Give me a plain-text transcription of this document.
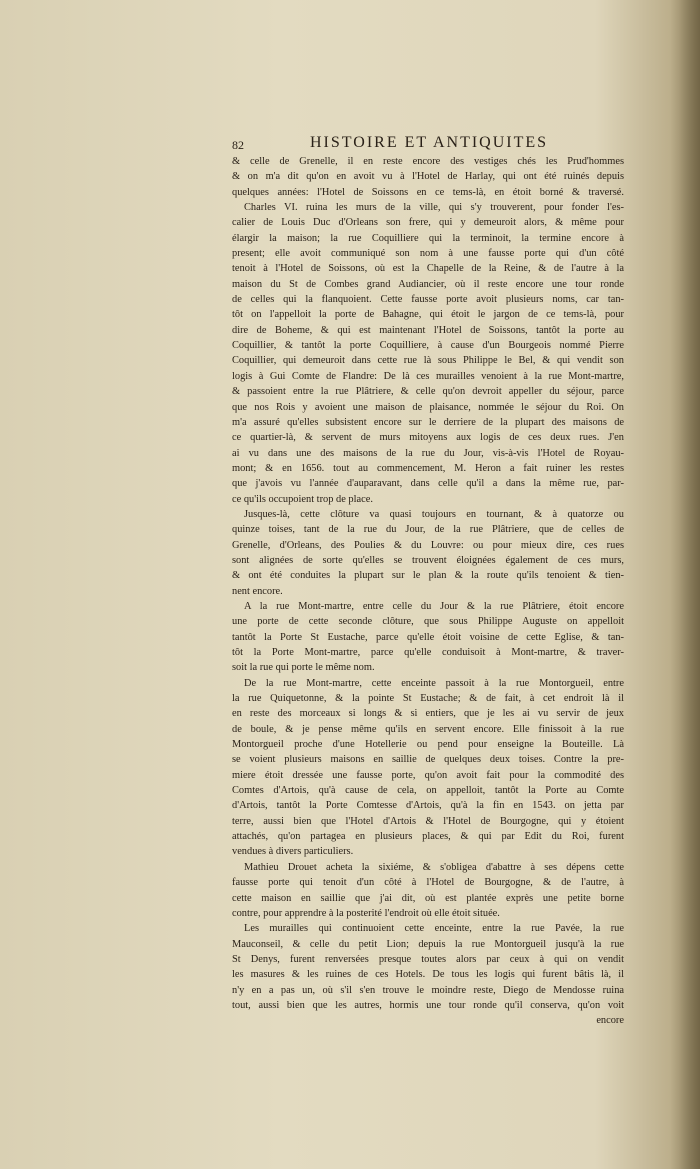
82	HISTOIRE ET ANTIQUITES
& celle de Grenelle, il en reste encore des vestiges chés les Prud'hommes
& on m'a dit qu'on en avoit vu à l'Hotel de Harlay, qui ont été ruinés depuis
quelques années: l'Hotel de Soissons en ce tems-là, en étoit borné & traversé.
Charles VI. ruina les murs de la ville, qui s'y trouverent, pour fonder l'es-
calier de Louis Duc d'Orleans son frere, qui y demeuroit alors, & même pour
élargir la maison; la rue Coquilliere qui la terminoit, la termine encore à
present; elle avoit communiqué son nom à une fausse porte qui d'un côté
tenoit à l'Hotel de Soissons, où est la Chapelle de la Reine, & de l'autre à la
maison du St de Combes grand Audiancier, où il reste encore une tour ronde
de celles qui la flanquoient. Cette fausse porte avoit plusieurs noms, car tan-
tôt on l'appelloit la porte de Bahagne, qui étoit le jargon de ce tems-là, pour
dire de Boheme, & qui est maintenant l'Hotel de Soissons, tantôt la porte au
Coquillier, & tantôt la porte Coquilliere, à cause d'un Bourgeois nommé Pierre
Coquillier, qui demeuroit dans cette rue là sous Philippe le Bel, & qui vendit son
logis à Gui Comte de Flandre: De là ces murailles venoient à la rue Mont-martre,
& passoient entre la rue Plâtriere, & celle qu'on devroit appeller du séjour, parce
que nos Rois y avoient une maison de plaisance, nommée le séjour du Roi. On
m'a assuré qu'elles subsistent encore sur le derriere de la plupart des maisons de
ce quartier-là, & servent de murs mitoyens aux logis de ces deux rues. J'en
ai vu dans une des maisons de la rue du Jour, vis-à-vis l'Hotel de Royau-
mont; & en 1656. tout au commencement, M. Heron a fait ruiner les restes
que j'avois vu l'année d'auparavant, dans celle qu'il a dans la même rue, par-
ce qu'ils occupoient trop de place.
Jusques-là, cette clôture va quasi toujours en tournant, & à quatorze ou
quinze toises, tant de la rue du Jour, de la rue Plâtriere, que de celles de
Grenelle, d'Orleans, des Poulies & du Louvre: ou pour mieux dire, ces rues
sont alignées de sorte qu'elles se trouvent éloignées également de ces murs,
& ont été conduites la plupart sur le plan & la route qu'ils tenoient & tien-
nent encore.
A la rue Mont-martre, entre celle du Jour & la rue Plâtriere, étoit encore
une porte de cette seconde clôture, que sous Philippe Auguste on appelloit
tantôt la Porte St Eustache, parce qu'elle étoit voisine de cette Eglise, & tan-
tôt la Porte Mont-martre, parce qu'elle conduisoit à Mont-martre, & traver-
soit la rue qui porte le même nom.
De la rue Mont-martre, cette enceinte passoit à la rue Montorgueil, entre
la rue Quiquetonne, & la pointe St Eustache; & de fait, à cet endroit là il
en reste des morceaux si longs & si entiers, que je les ai vu servir de jeux
de boule, & je pense même qu'ils en servent encore. Elle finissoit à la rue
Montorgueil proche d'une Hotellerie ou pend pour enseigne la Bouteille. Là
se voient plusieurs maisons en saillie de quelques deux toises. Contre la pre-
miere étoit dressée une fausse porte, qu'on avoit fait pour la commodité des
Comtes d'Artois, qu'à cause de cela, on appelloit, tantôt la Porte au Comte
d'Artois, tantôt la Porte Comtesse d'Artois, qu'à la fin en 1543. on jetta par
terre, aussi bien que l'Hotel d'Artois & l'Hotel de Bourgogne, qui y étoient
attachés, qu'on partagea en plusieurs places, & qui par Edit du Roi, furent
vendues à divers particuliers.
Mathieu Drouet acheta la sixiéme, & s'obligea d'abattre à ses dépens cette
fausse porte qui tenoit d'un côté à l'Hotel de Bourgogne, & de l'autre, à
cette maison en saillie que j'ai dit, où est plantée exprès une petite borne
contre, pour apprendre à la posterité l'endroit où elle étoit située.
Les murailles qui continuoient cette enceinte, entre la rue Pavée, la rue
Mauconseil, & celle du petit Lion; depuis la rue Montorgueil jusqu'à la rue
St Denys, furent renversées presque toutes alors par ceux à qui on vendit
les masures & les ruines de ces Hotels. De tous les logis qui furent bâtis là, il
n'y en a pas un, où s'il s'en trouve le moindre reste, Diego de Mendosse ruina
tout, aussi bien que les autres, hormis une tour ronde qu'il conserva, qu'on voit
encore
